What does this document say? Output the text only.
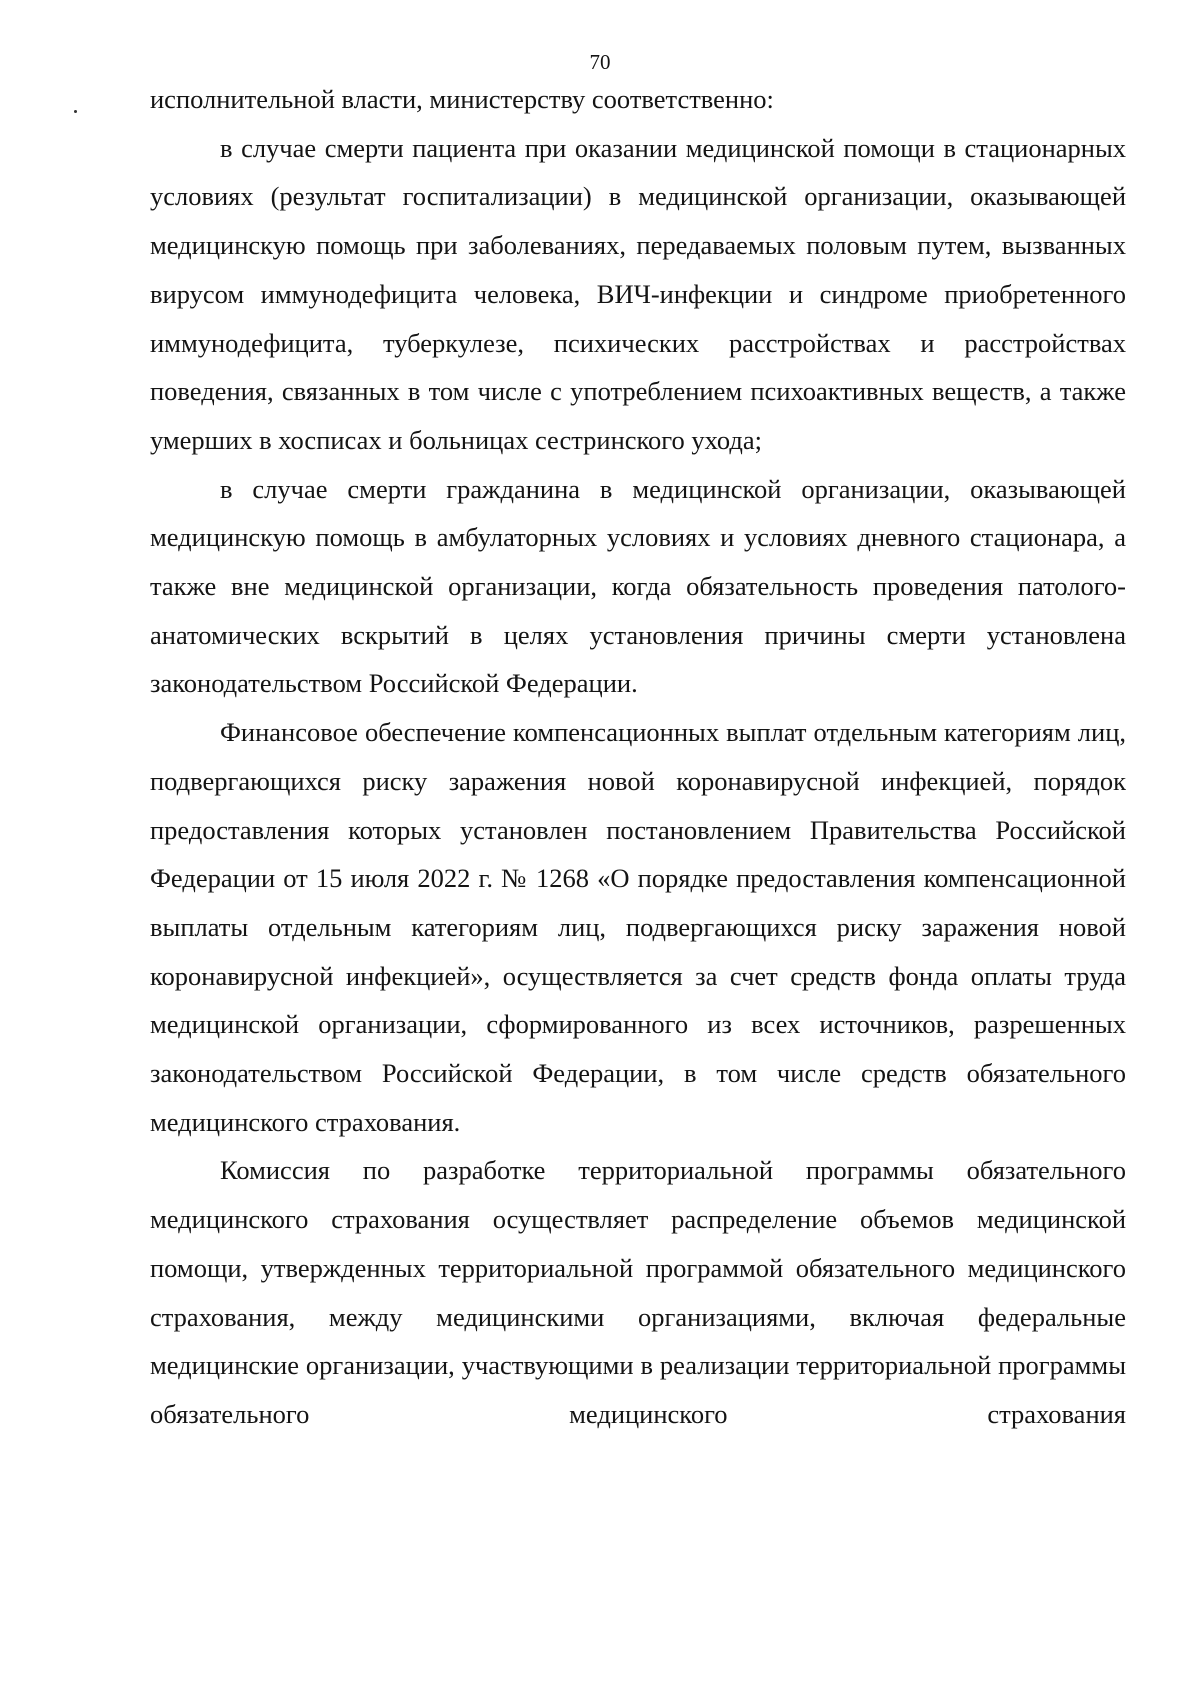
70

исполнительной власти, министерству соответственно:

в случае смерти пациента при оказании медицинской помощи в стационарных условиях (результат госпитализации) в медицинской организации, оказывающей медицинскую помощь при заболеваниях, передаваемых половым путем, вызванных вирусом иммунодефицита человека, ВИЧ-инфекции и синдроме приобретенного иммунодефицита, туберкулезе, психических расстройствах и расстройствах поведения, связанных в том числе с употреблением психоактивных веществ, а также умерших в хосписах и больницах сестринского ухода;

в случае смерти гражданина в медицинской организации, оказывающей медицинскую помощь в амбулаторных условиях и условиях дневного стационара, а также вне медицинской организации, когда обязательность проведения патолого-анатомических вскрытий в целях установления причины смерти установлена законодательством Российской Федерации.

Финансовое обеспечение компенсационных выплат отдельным категориям лиц, подвергающихся риску заражения новой коронавирусной инфекцией, порядок предоставления которых установлен постановлением Правительства Российской Федерации от 15 июля 2022 г. № 1268 «О порядке предоставления компенсационной выплаты отдельным категориям лиц, подвергающихся риску заражения новой коронавирусной инфекцией», осуществляется за счет средств фонда оплаты труда медицинской организации, сформированного из всех источников, разрешенных законодательством Российской Федерации, в том числе средств обязательного медицинского страхования.

Комиссия по разработке территориальной программы обязательного медицинского страхования осуществляет распределение объемов медицинской помощи, утвержденных территориальной программой обязательного медицинского страхования, между медицинскими организациями, включая федеральные медицинские организации, участвующими в реализации территориальной программы обязательного медицинского страхования
